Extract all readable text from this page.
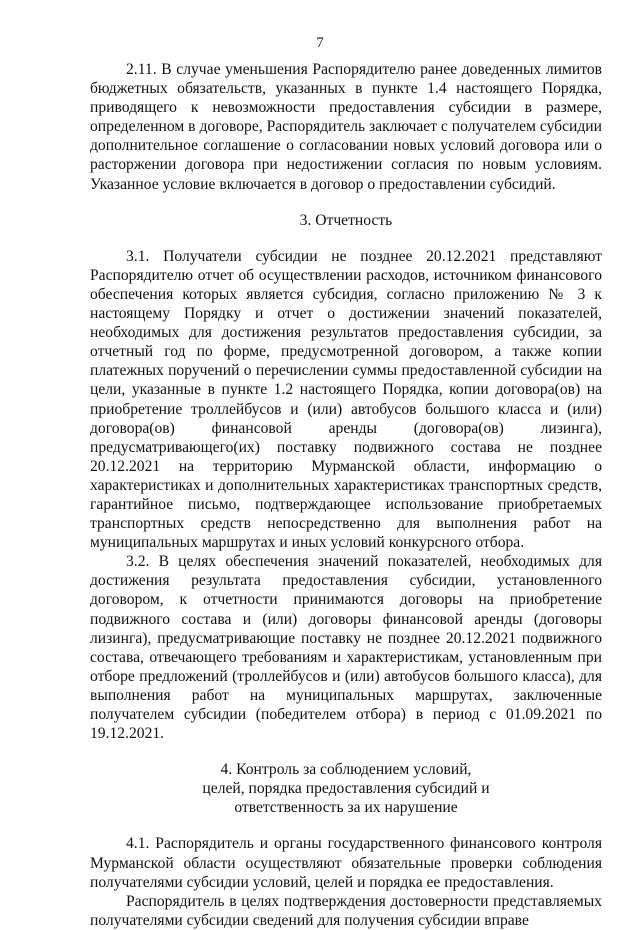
7

2.11. В случае уменьшения Распорядителю ранее доведенных лимитов бюджетных обязательств, указанных в пункте 1.4 настоящего Порядка, приводящего к невозможности предоставления субсидии в размере, определенном в договоре, Распорядитель заключает с получателем субсидии дополнительное соглашение о согласовании новых условий договора или о расторжении договора при недостижении согласия по новым условиям. Указанное условие включается в договор о предоставлении субсидий.

3. Отчетность

3.1. Получатели субсидии не позднее 20.12.2021 представляют Распорядителю отчет об осуществлении расходов, источником финансового обеспечения которых является субсидия, согласно приложению № 3 к настоящему Порядку и отчет о достижении значений показателей, необходимых для достижения результатов предоставления субсидии, за отчетный год по форме, предусмотренной договором, а также копии платежных поручений о перечислении суммы предоставленной субсидии на цели, указанные в пункте 1.2 настоящего Порядка, копии договора(ов) на приобретение троллейбусов и (или) автобусов большого класса и (или) договора(ов) финансовой аренды (договора(ов) лизинга), предусматривающего(их) поставку подвижного состава не позднее 20.12.2021 на территорию Мурманской области, информацию о характеристиках и дополнительных характеристиках транспортных средств, гарантийное письмо, подтверждающее использование приобретаемых транспортных средств непосредственно для выполнения работ на муниципальных маршрутах и иных условий конкурсного отбора.

3.2. В целях обеспечения значений показателей, необходимых для достижения результата предоставления субсидии, установленного договором, к отчетности принимаются договоры на приобретение подвижного состава и (или) договоры финансовой аренды (договоры лизинга), предусматривающие поставку не позднее 20.12.2021 подвижного состава, отвечающего требованиям и характеристикам, установленным при отборе предложений (троллейбусов и (или) автобусов большого класса), для выполнения работ на муниципальных маршрутах, заключенные получателем субсидии (победителем отбора) в период с 01.09.2021 по 19.12.2021.

4. Контроль за соблюдением условий,
целей, порядка предоставления субсидий и
ответственность за их нарушение

4.1. Распорядитель и органы государственного финансового контроля Мурманской области осуществляют обязательные проверки соблюдения получателями субсидии условий, целей и порядка ее предоставления.

Распорядитель в целях подтверждения достоверности представляемых получателями субсидии сведений для получения субсидии вправе
